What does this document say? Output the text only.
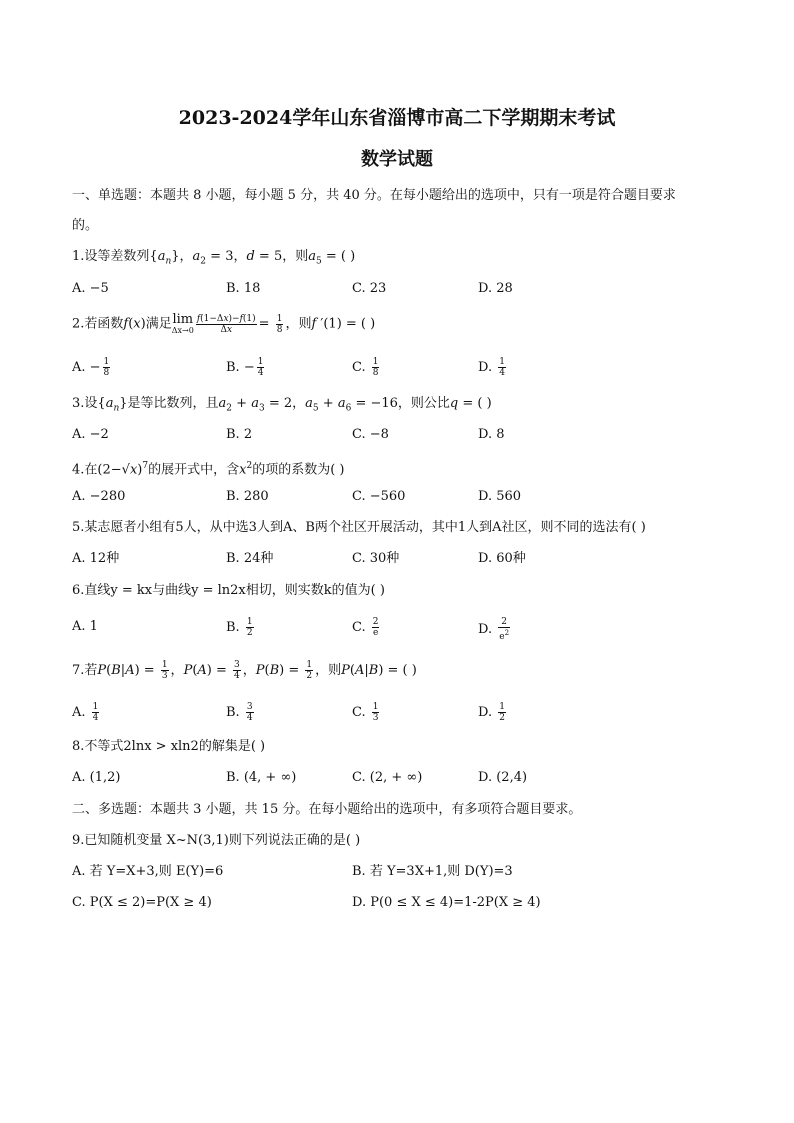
2023-2024学年山东省淄博市高二下学期期末考试
数学试题
一、单选题：本题共 8 小题，每小题 5 分，共 40 分。在每小题给出的选项中，只有一项是符合题目要求
的。
1.设等差数列$\{a_n\}$，$a_2 = 3$，d = 5，则$a_5$ = ( )
A. −5	B. 18	C. 23	D. 28
2.若函数f(x)满足lim
$\Delta x\to 0 \frac{f(1-\Delta x)-f(1)}{\Delta x} = \frac{1}{8}$ ，则f ′(1) = ( )
A. − $\frac{1}{8}$	B. − $\frac{1}{4}$	C. $\frac{1}{8}$	D. $\frac{1}{4}$
3.设$\{a_n\}$是等比数列，且$a_2 + a_3 = 2$，$a_5 + a_6 = -16$，则公比q = ( )
A. −2	B. 2	C. −8	D. 8
4.在$(2-√x)^7$的展开式中，含$x^2$的项的系数为( )
A. −280	B. 280	C. −560	D. 560
5.某志愿者小组有5人，从中选3人到A、B两个社区开展活动，其中1人到A社区，则不同的选法有( )
A. 12种	B. 24种	C. 30种	D. 60种
6.直线y = kx与曲线y = ln2x相切，则实数k的值为( )
A. 1	B. $\frac{1}{2}$	C. $\frac{2}{e}$	D. $\frac{2}{e^2}$
7.若$P(B|A) = \frac{1}{3}$ ，$P(A) = \frac{3}{4}$ ，$P(B) = \frac{1}{2}$ ，则P(A|B) = ( )
A. $\frac{1}{4}$	B. $\frac{3}{4}$	C. $\frac{1}{3}$	D. $\frac{1}{2}$
8.不等式2lnx > xln2的解集是( )
A. (1,2)	B. (4, + ∞)	C. (2, + ∞)	D. (2,4)
二、多选题：本题共 3 小题，共 15 分。在每小题给出的选项中，有多项符合题目要求。
9.已知随机变量 X~N(3,1)则下列说法正确的是( )
A. 若 Y=X+3,则 E(Y)=6	B. 若 Y=3X+1,则 D(Y)=3
C. P(X ≤ 2)=P(X ≥ 4)	D. P(0 ≤ X ≤ 4)=1-2P(X ≥ 4)
